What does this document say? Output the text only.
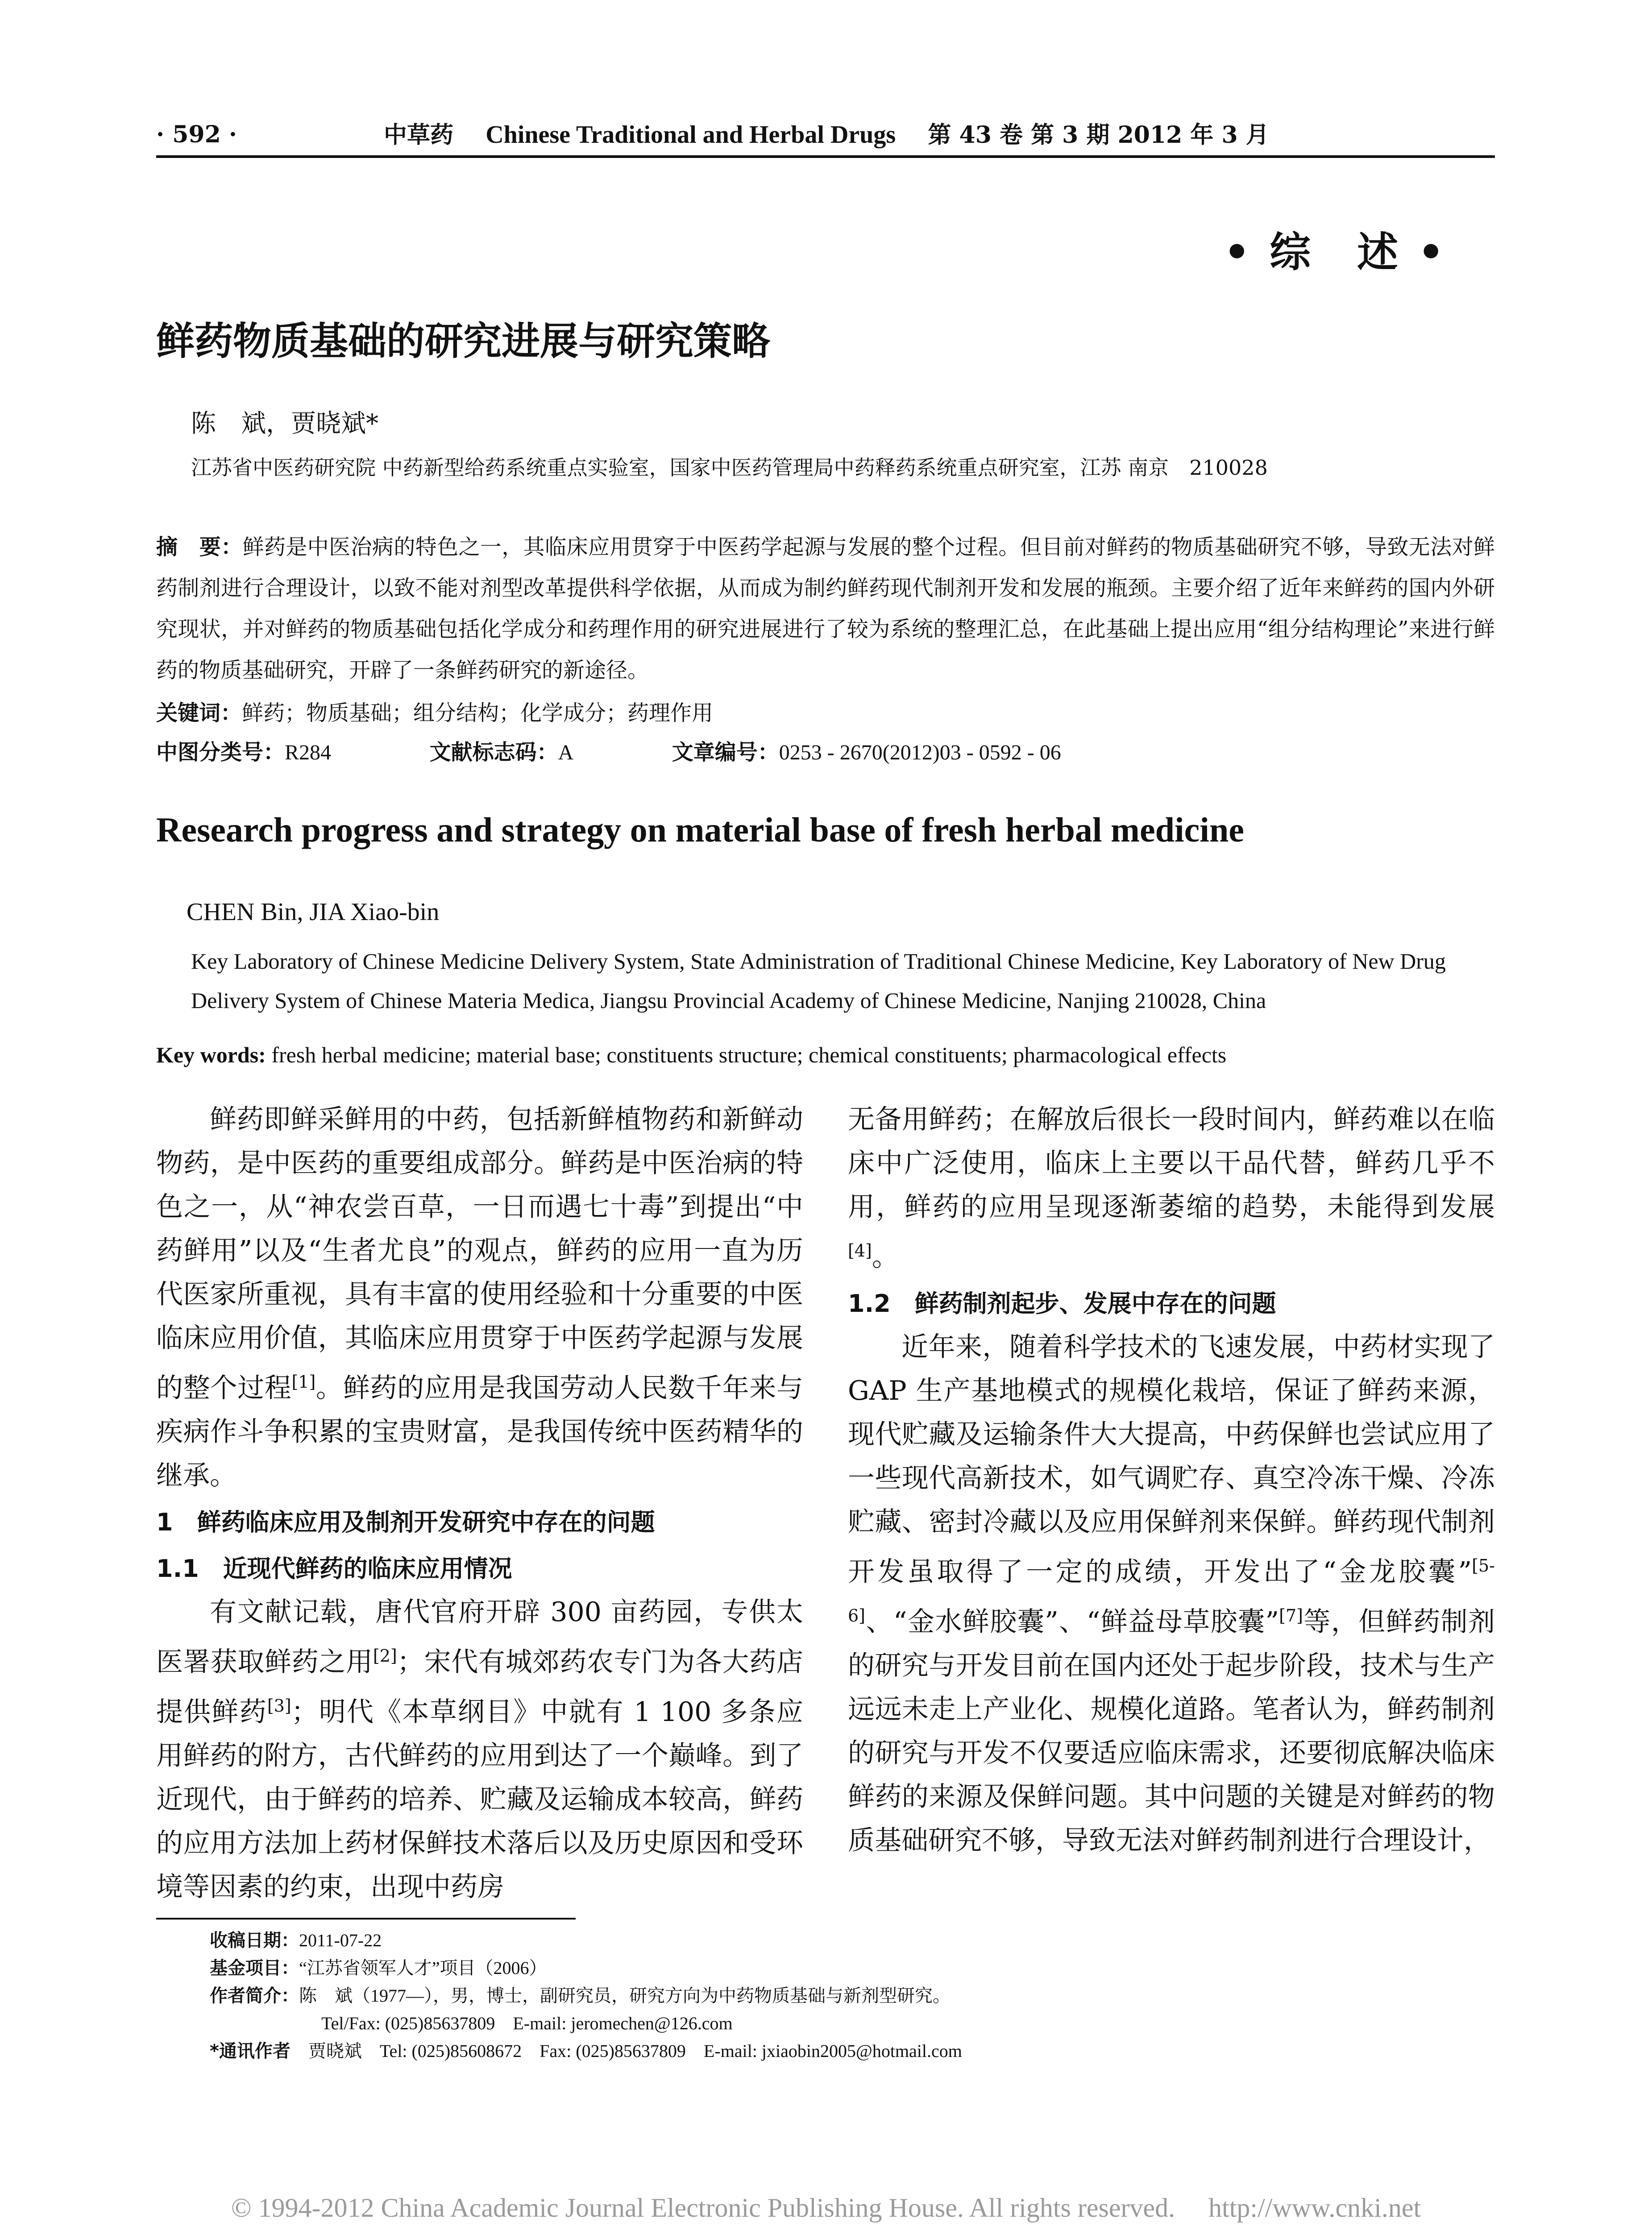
· 592 ·	中草药 Chinese Traditional and Herbal Drugs 第 43 卷 第 3 期 2012 年 3 月
• 综　述 •
鲜药物质基础的研究进展与研究策略
陈　斌，贾晓斌*
江苏省中医药研究院 中药新型给药系统重点实验室，国家中医药管理局中药释药系统重点研究室，江苏 南京　210028
摘　要：鲜药是中医治病的特色之一，其临床应用贯穿于中医药学起源与发展的整个过程。但目前对鲜药的物质基础研究不够，导致无法对鲜药制剂进行合理设计，以致不能对剂型改革提供科学依据，从而成为制约鲜药现代制剂开发和发展的瓶颈。主要介绍了近年来鲜药的国内外研究现状，并对鲜药的物质基础包括化学成分和药理作用的研究进展进行了较为系统的整理汇总，在此基础上提出应用“组分结构理论”来进行鲜药的物质基础研究，开辟了一条鲜药研究的新途径。
关键词：鲜药；物质基础；组分结构；化学成分；药理作用
中图分类号：R284	文献标志码：A	文章编号：0253 - 2670(2012)03 - 0592 - 06
Research progress and strategy on material base of fresh herbal medicine
CHEN Bin, JIA Xiao-bin
Key Laboratory of Chinese Medicine Delivery System, State Administration of Traditional Chinese Medicine, Key Laboratory of New Drug Delivery System of Chinese Materia Medica, Jiangsu Provincial Academy of Chinese Medicine, Nanjing 210028, China
Key words: fresh herbal medicine; material base; constituents structure; chemical constituents; pharmacological effects

鲜药即鲜采鲜用的中药，包括新鲜植物药和新鲜动物药，是中医药的重要组成部分。鲜药是中医治病的特色之一，从“神农尝百草，一日而遇七十毒”到提出“中药鲜用”以及“生者尤良”的观点，鲜药的应用一直为历代医家所重视，具有丰富的使用经验和十分重要的中医临床应用价值，其临床应用贯穿于中医药学起源与发展的整个过程[1]。鲜药的应用是我国劳动人民数千年来与疾病作斗争积累的宝贵财富，是我国传统中医药精华的继承。

1　鲜药临床应用及制剂开发研究中存在的问题
1.1　近现代鲜药的临床应用情况

有文献记载，唐代官府开辟 300 亩药园，专供太医署获取鲜药之用[2]；宋代有城郊药农专门为各大药店提供鲜药[3]；明代《本草纲目》中就有 1 100 多条应用鲜药的附方，古代鲜药的应用到达了一个巅峰。到了近现代，由于鲜药的培养、贮藏及运输成本较高，鲜药的应用方法加上药材保鲜技术落后以及历史原因和受环境等因素的约束，出现中药房

无备用鲜药；在解放后很长一段时间内，鲜药难以在临床中广泛使用，临床上主要以干品代替，鲜药几乎不用，鲜药的应用呈现逐渐萎缩的趋势，未能得到发展[4]。

1.2　鲜药制剂起步、发展中存在的问题

近年来，随着科学技术的飞速发展，中药材实现了 GAP 生产基地模式的规模化栽培，保证了鲜药来源，现代贮藏及运输条件大大提高，中药保鲜也尝试应用了一些现代高新技术，如气调贮存、真空冷冻干燥、冷冻贮藏、密封冷藏以及应用保鲜剂来保鲜。鲜药现代制剂开发虽取得了一定的成绩，开发出了“金龙胶囊”[5-6]、“金水鲜胶囊”、“鲜益母草胶囊”[7]等，但鲜药制剂的研究与开发目前在国内还处于起步阶段，技术与生产远远未走上产业化、规模化道路。笔者认为，鲜药制剂的研究与开发不仅要适应临床需求，还要彻底解决临床鲜药的来源及保鲜问题。其中问题的关键是对鲜药的物质基础研究不够，导致无法对鲜药制剂进行合理设计，

收稿日期：2011-07-22
基金项目：“江苏省领军人才”项目（2006）
作者简介：陈　斌（1977—），男，博士，副研究员，研究方向为中药物质基础与新剂型研究。
Tel/Fax: (025)85637809　E-mail: jeromechen@126.com
*通讯作者　 贾晓斌　Tel: (025)85608672　Fax: (025)85637809　E-mail: jxiaobin2005@hotmail.com
© 1994-2012 China Academic Journal Electronic Publishing House. All rights reserved.　 http://www.cnki.net
